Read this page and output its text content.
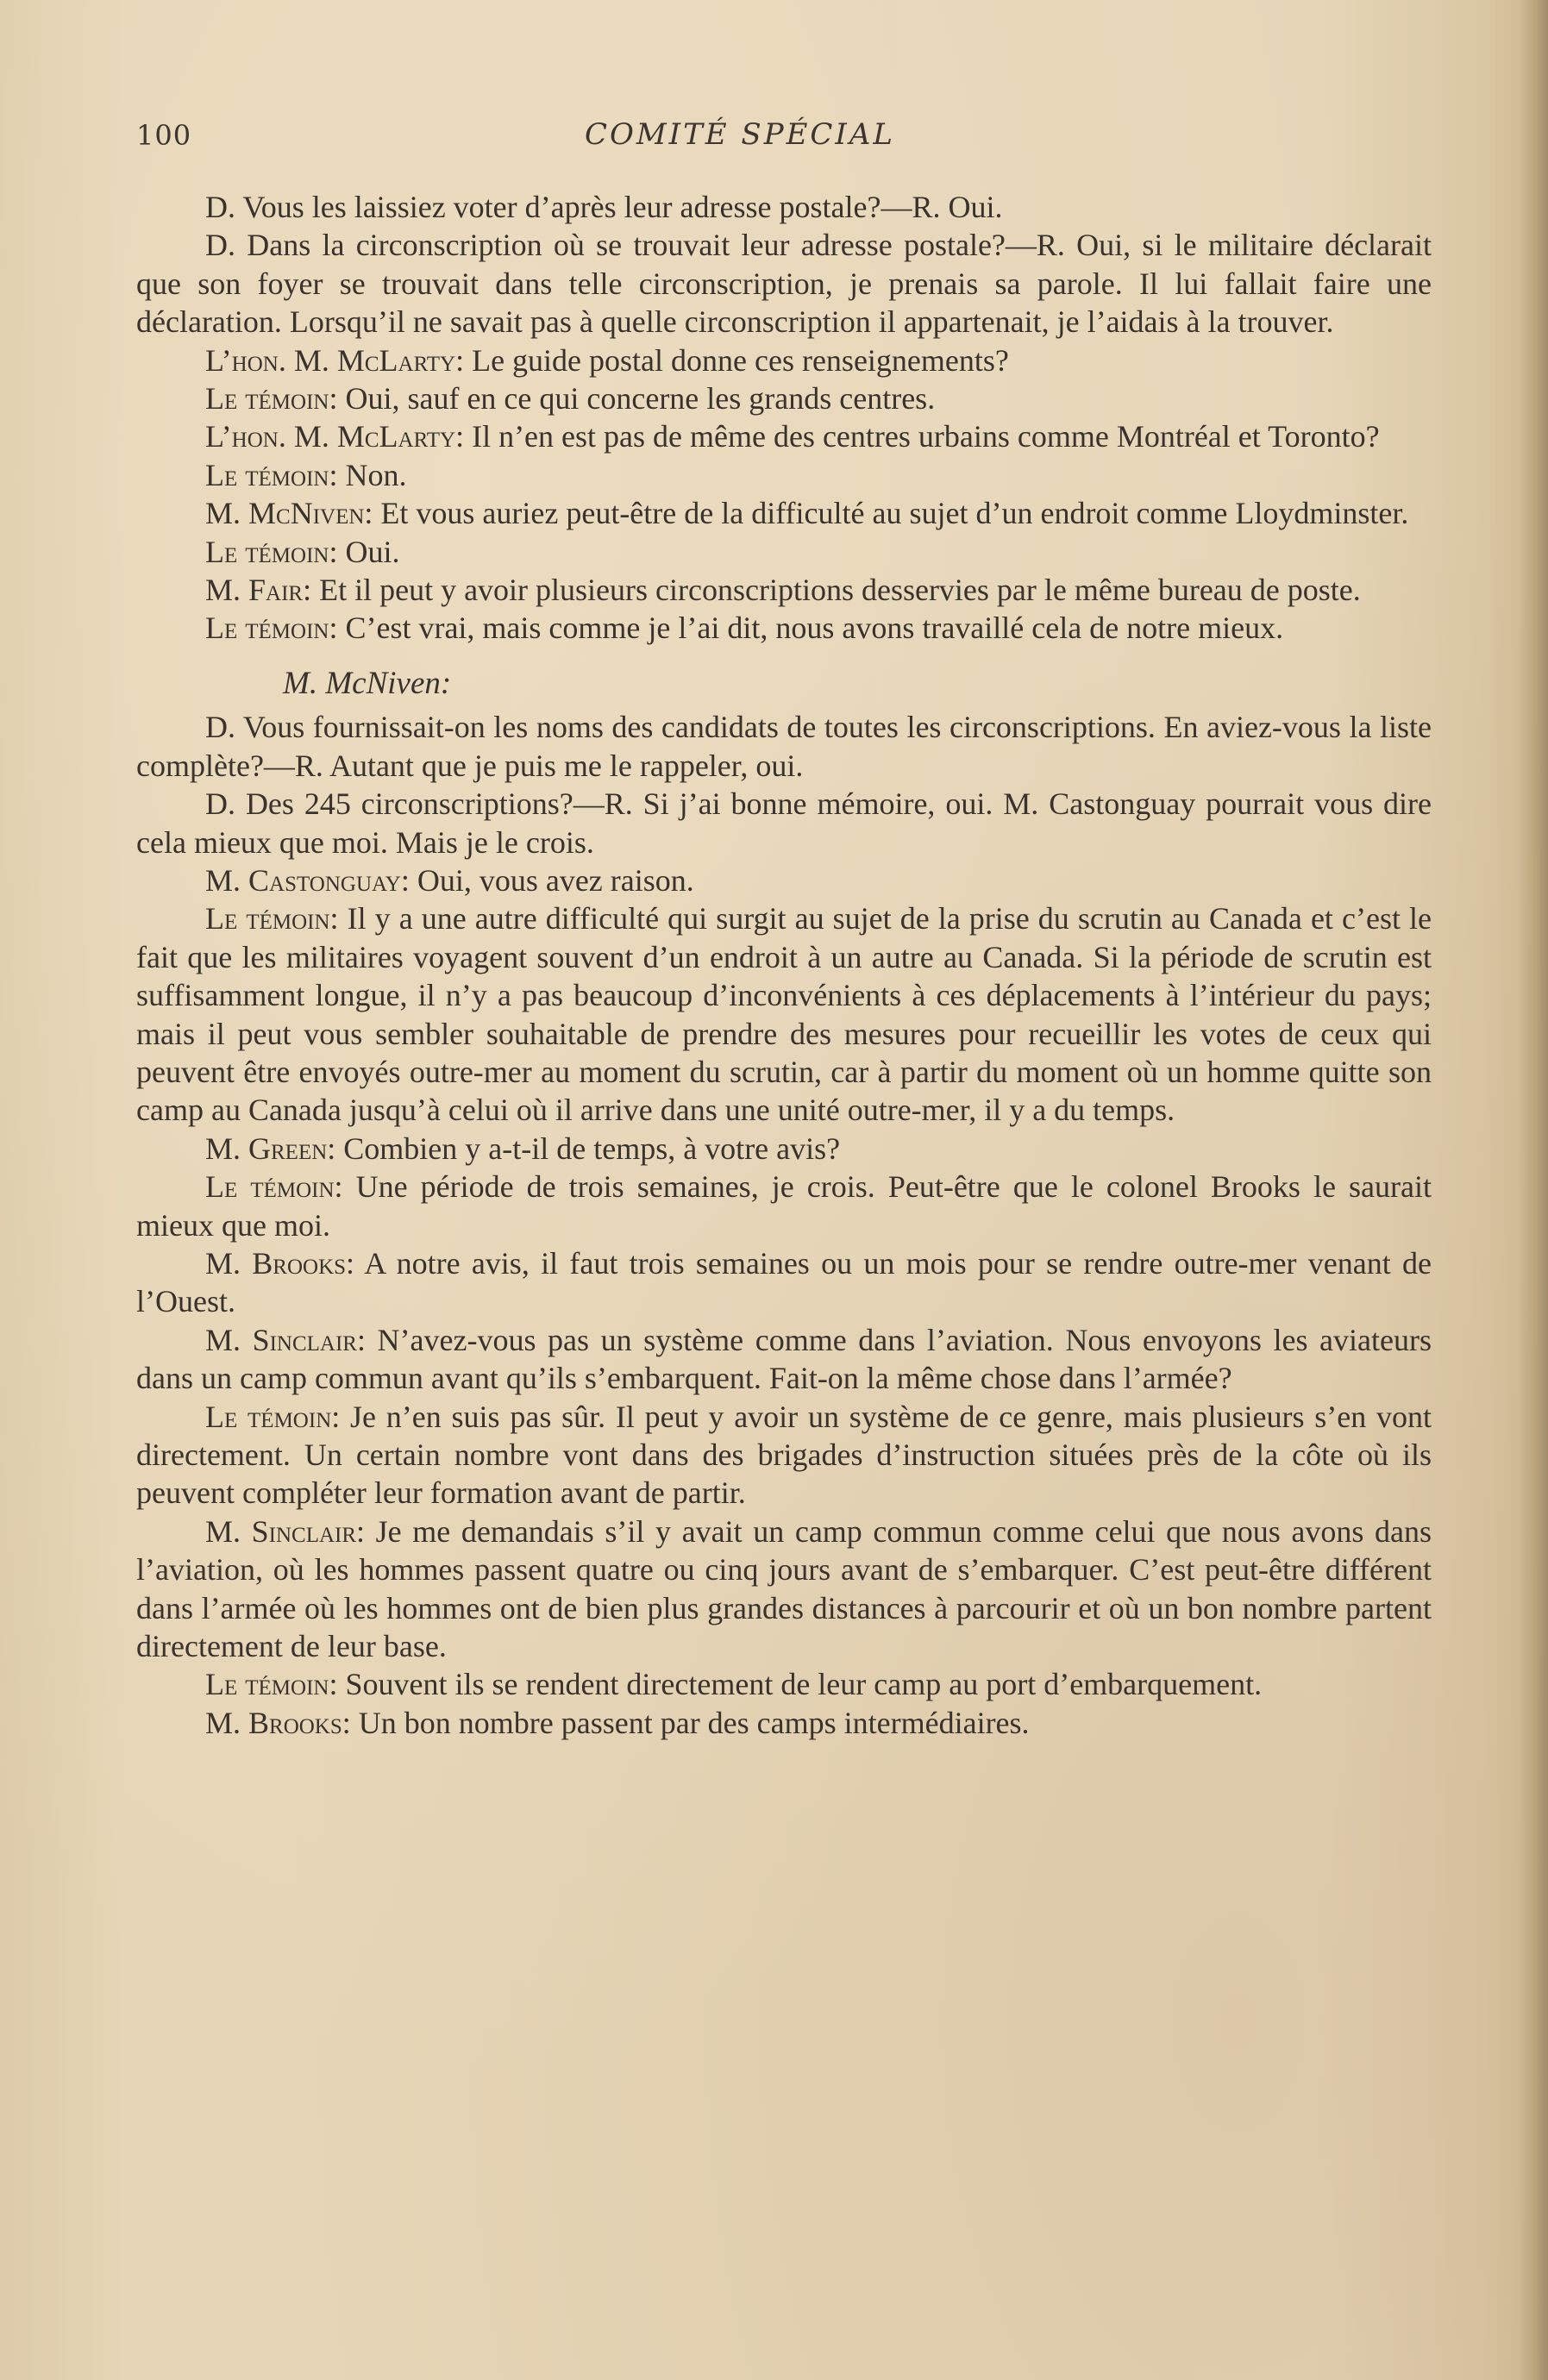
100	COMITÉ SPÉCIAL

D. Vous les laissiez voter d’après leur adresse postale?—R. Oui.

D. Dans la circonscription où se trouvait leur adresse postale?—R. Oui, si le militaire déclarait que son foyer se trouvait dans telle circonscription, je prenais sa parole. Il lui fallait faire une déclaration. Lorsqu’il ne savait pas à quelle circonscription il appartenait, je l’aidais à la trouver.

L’hon. M. McLarty: Le guide postal donne ces renseignements?

Le témoin: Oui, sauf en ce qui concerne les grands centres.

L’hon. M. McLarty: Il n’en est pas de même des centres urbains comme Montréal et Toronto?

Le témoin: Non.

M. McNiven: Et vous auriez peut-être de la difficulté au sujet d’un endroit comme Lloydminster.

Le témoin: Oui.

M. Fair: Et il peut y avoir plusieurs circonscriptions desservies par le même bureau de poste.

Le témoin: C’est vrai, mais comme je l’ai dit, nous avons travaillé cela de notre mieux.

M. McNiven:

D. Vous fournissait-on les noms des candidats de toutes les circonscriptions. En aviez-vous la liste complète?—R. Autant que je puis me le rappeler, oui.

D. Des 245 circonscriptions?—R. Si j’ai bonne mémoire, oui. M. Castonguay pourrait vous dire cela mieux que moi. Mais je le crois.

M. Castonguay: Oui, vous avez raison.

Le témoin: Il y a une autre difficulté qui surgit au sujet de la prise du scrutin au Canada et c’est le fait que les militaires voyagent souvent d’un endroit à un autre au Canada. Si la période de scrutin est suffisamment longue, il n’y a pas beaucoup d’inconvénients à ces déplacements à l’intérieur du pays; mais il peut vous sembler souhaitable de prendre des mesures pour recueillir les votes de ceux qui peuvent être envoyés outre-mer au moment du scrutin, car à partir du moment où un homme quitte son camp au Canada jusqu’à celui où il arrive dans une unité outre-mer, il y a du temps.

M. Green: Combien y a-t-il de temps, à votre avis?

Le témoin: Une période de trois semaines, je crois. Peut-être que le colonel Brooks le saurait mieux que moi.

M. Brooks: A notre avis, il faut trois semaines ou un mois pour se rendre outre-mer venant de l’Ouest.

M. Sinclair: N’avez-vous pas un système comme dans l’aviation. Nous envoyons les aviateurs dans un camp commun avant qu’ils s’embarquent. Fait-on la même chose dans l’armée?

Le témoin: Je n’en suis pas sûr. Il peut y avoir un système de ce genre, mais plusieurs s’en vont directement. Un certain nombre vont dans des brigades d’instruction situées près de la côte où ils peuvent compléter leur formation avant de partir.

M. Sinclair: Je me demandais s’il y avait un camp commun comme celui que nous avons dans l’aviation, où les hommes passent quatre ou cinq jours avant de s’embarquer. C’est peut-être différent dans l’armée où les hommes ont de bien plus grandes distances à parcourir et où un bon nombre partent directement de leur base.

Le témoin: Souvent ils se rendent directement de leur camp au port d’embarquement.

M. Brooks: Un bon nombre passent par des camps intermédiaires.
